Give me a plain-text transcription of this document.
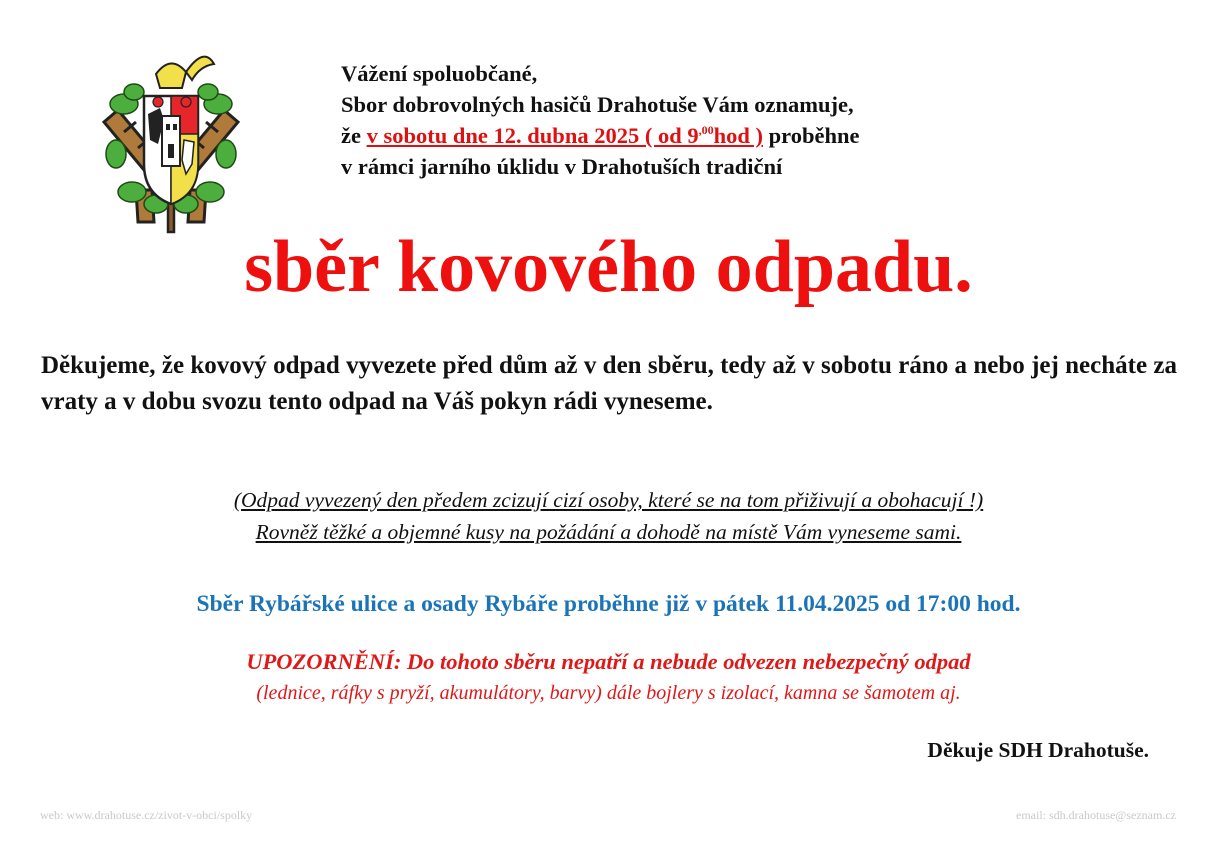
Vážení spoluobčané,
Sbor dobrovolných hasičů Drahotuše Vám oznamuje,
že v sobotu dne 12. dubna 2025 ( od $9^{,00}hod$ ) proběhne
v rámci jarního úklidu v Drahotuších tradiční
sběr kovového odpadu.
Děkujeme, že kovový odpad vyvezete před dům až v den sběru, tedy až v sobotu ráno a nebo jej necháte za vraty a v dobu svozu tento odpad na Váš pokyn rádi vyneseme.
(Odpad vyvezený den předem zcizují cizí osoby, které se na tom přiživují a obohacují !)
Rovněž těžké a objemné kusy na požádání a dohodě na místě Vám vyneseme sami.
Sběr Rybářské ulice a osady Rybáře proběhne již v pátek 11.04.2025 od 17:00 hod.
UPOZORNĚNÍ: Do tohoto sběru nepatří a nebude odvezen nebezpečný odpad
(lednice, ráfky s pryží, akumulátory, barvy) dále bojlery s izolací, kamna se šamotem aj.
Děkuje SDH Drahotuše.
web: www.drahotuse.cz/zivot-v-obci/spolky	email: sdh.drahotuse@seznam.cz
